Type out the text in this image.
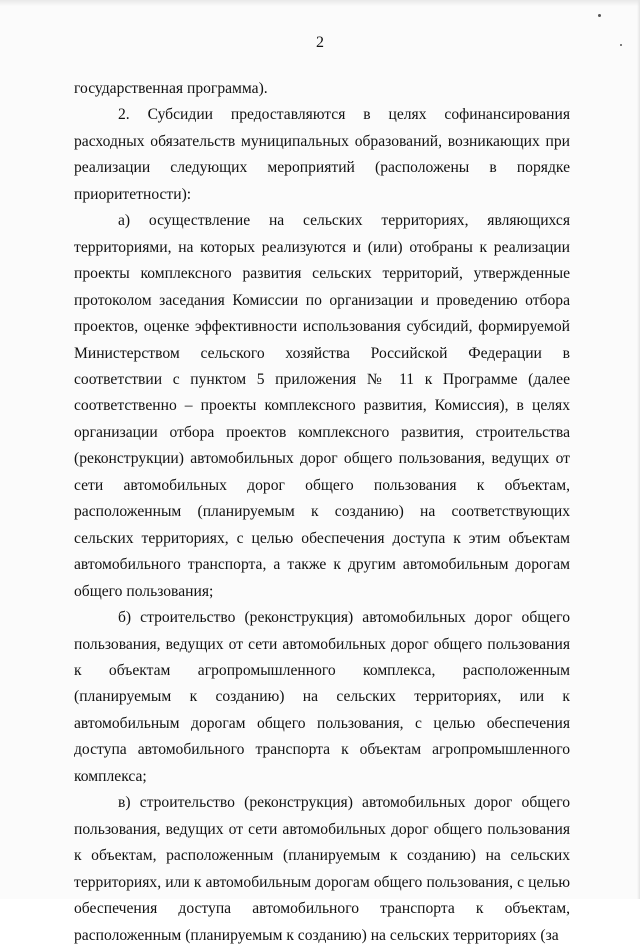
2

государственная программа).

2. Субсидии предоставляются в целях софинансирования расходных обязательств муниципальных образований, возникающих при реализации следующих мероприятий (расположены в порядке приоритетности):

а) осуществление на сельских территориях, являющихся территориями, на которых реализуются и (или) отобраны к реализации проекты комплексного развития сельских территорий, утвержденные протоколом заседания Комиссии по организации и проведению отбора проектов, оценке эффективности использования субсидий, формируемой Министерством сельского хозяйства Российской Федерации в соответствии с пунктом 5 приложения № 11 к Программе (далее соответственно – проекты комплексного развития, Комиссия), в целях организации отбора проектов комплексного развития, строительства (реконструкции) автомобильных дорог общего пользования, ведущих от сети автомобильных дорог общего пользования к объектам, расположенным (планируемым к созданию) на соответствующих сельских территориях, с целью обеспечения доступа к этим объектам автомобильного транспорта, а также к другим автомобильным дорогам общего пользования;

б) строительство (реконструкция) автомобильных дорог общего пользования, ведущих от сети автомобильных дорог общего пользования к объектам агропромышленного комплекса, расположенным (планируемым к созданию) на сельских территориях, или к автомобильным дорогам общего пользования, с целью обеспечения доступа автомобильного транспорта к объектам агропромышленного комплекса;

в) строительство (реконструкция) автомобильных дорог общего пользования, ведущих от сети автомобильных дорог общего пользования к объектам, расположенным (планируемым к созданию) на сельских территориях, или к автомобильным дорогам общего пользования, с целью обеспечения доступа автомобильного транспорта к объектам, расположенным (планируемым к созданию) на сельских территориях (за
